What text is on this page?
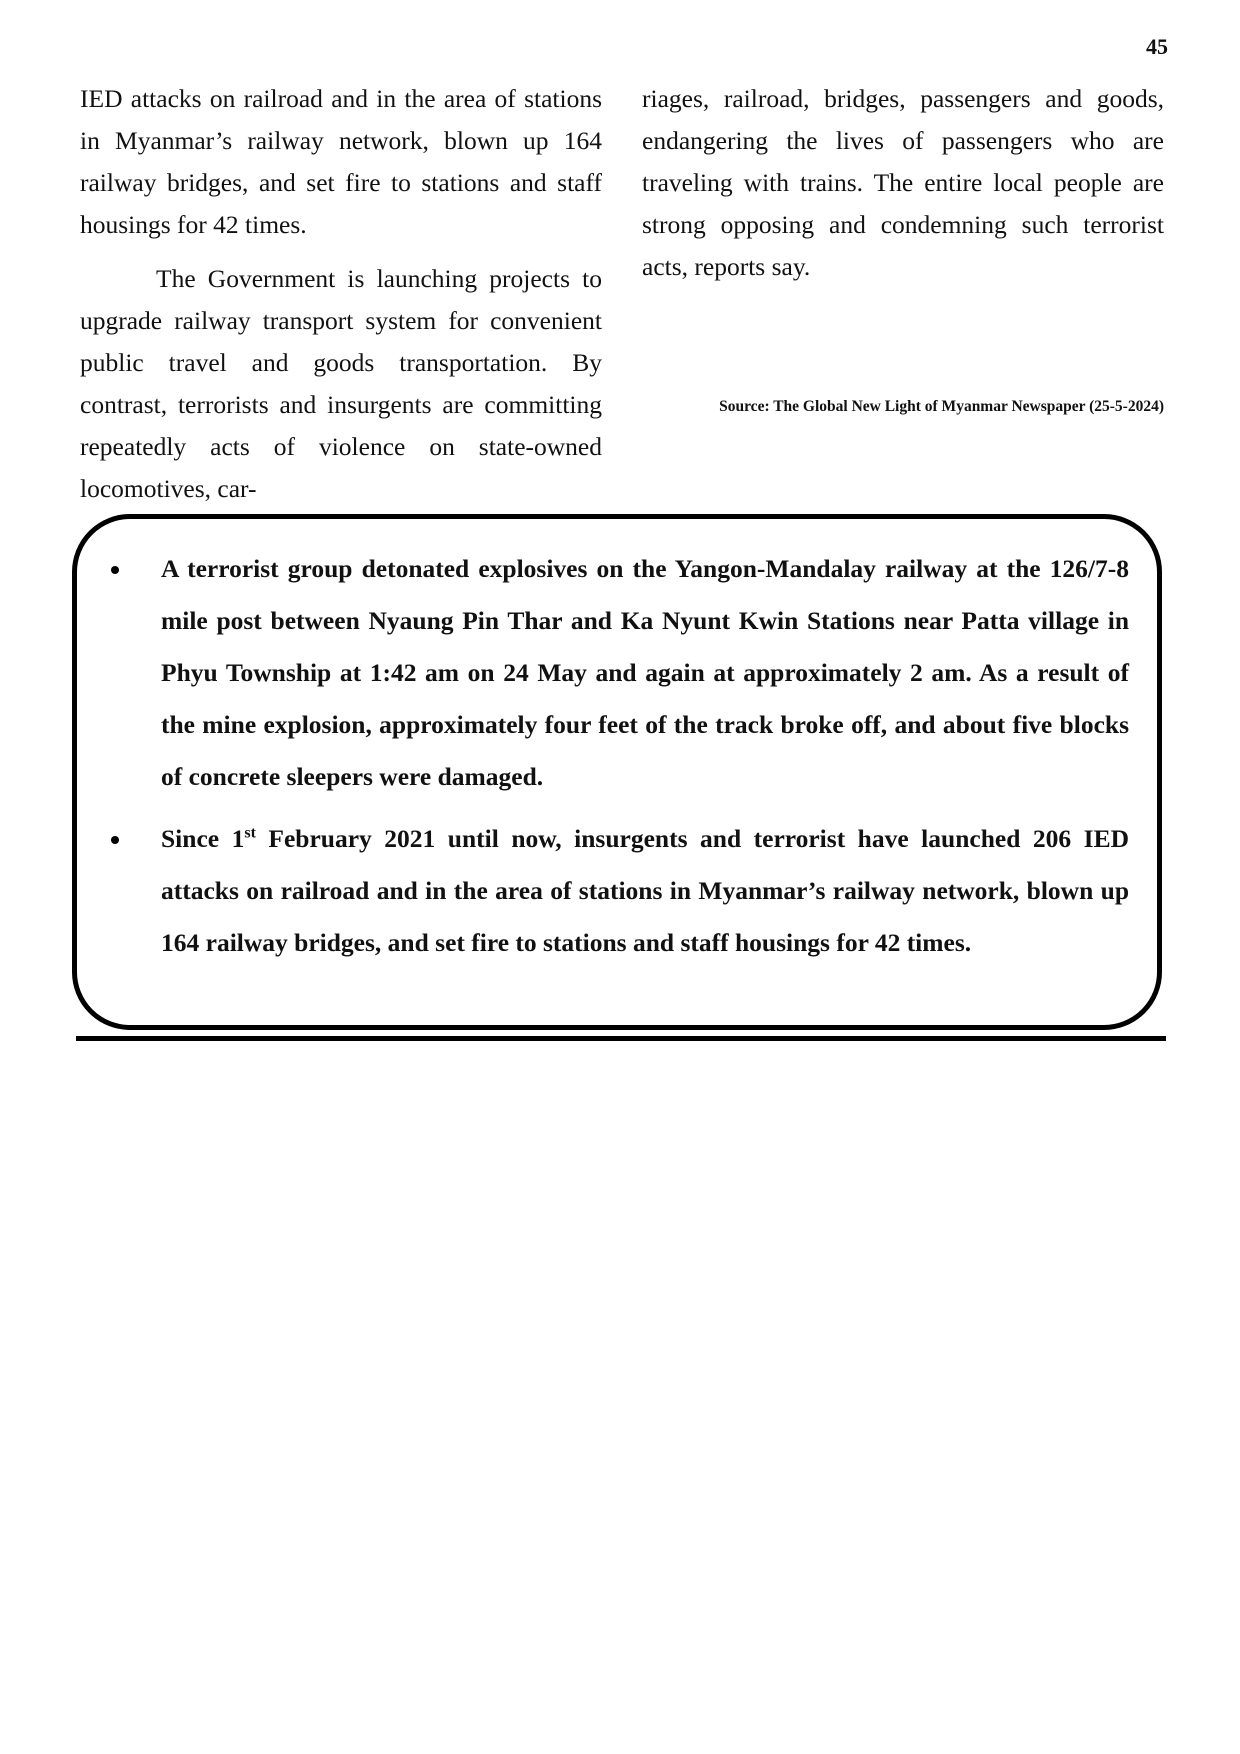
45

IED attacks on railroad and in the area of stations in Myanmar’s railway network, blown up 164 railway bridges, and set fire to stations and staff housings for 42 times.

The Government is launching projects to upgrade railway transport system for convenient public travel and goods transportation. By contrast, terrorists and insurgents are committing repeatedly acts of violence on state-owned locomotives, car-

riages, railroad, bridges, passengers and goods, endangering the lives of passengers who are traveling with trains. The entire local people are strong opposing and condemning such terrorist acts, reports say.

Source: The Global New Light of Myanmar Newspaper (25-5-2024)
A terrorist group detonated explosives on the Yangon-Mandalay railway at the 126/7-8 mile post between Nyaung Pin Thar and Ka Nyunt Kwin Stations near Patta village in Phyu Township at 1:42 am on 24 May and again at approximately 2 am. As a result of the mine explosion, approximately four feet of the track broke off, and about five blocks of concrete sleepers were damaged.
Since 1st February 2021 until now, insurgents and terrorist have launched 206 IED attacks on railroad and in the area of stations in Myanmar’s railway network, blown up 164 railway bridges, and set fire to stations and staff housings for 42 times.
